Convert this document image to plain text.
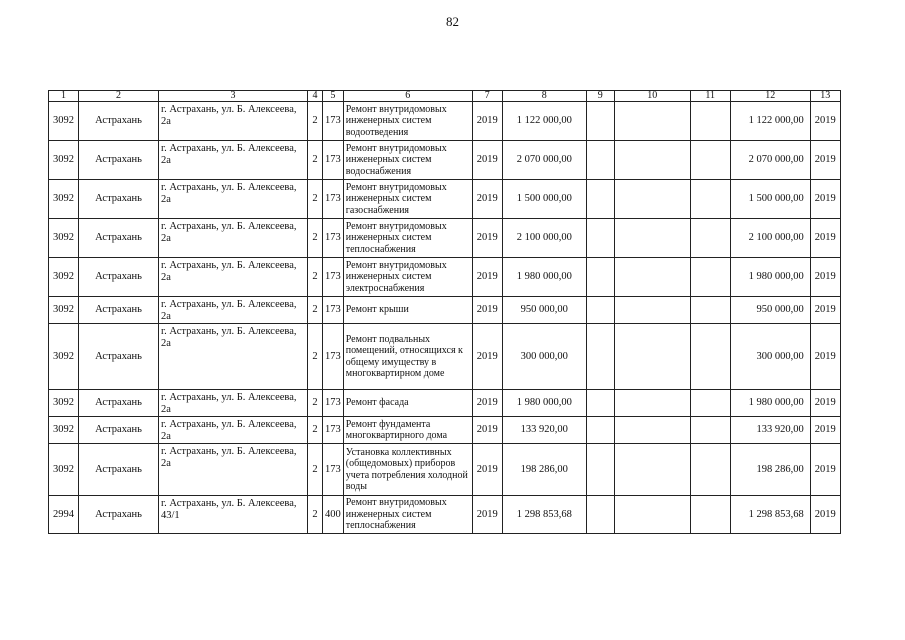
82
1	2	3	4	5	6	7	8	9	10	11	12	13
3092	Астрахань	г. Астрахань, ул. Б. Алексеева, 2а	2	173	Ремонт внутридомовых инженерных систем водоотведения	2019	1 122 000,00				1 122 000,00	2019
3092	Астрахань	г. Астрахань, ул. Б. Алексеева, 2а	2	173	Ремонт внутридомовых инженерных систем водоснабжения	2019	2 070 000,00				2 070 000,00	2019
3092	Астрахань	г. Астрахань, ул. Б. Алексеева, 2а	2	173	Ремонт внутридомовых инженерных систем газоснабжения	2019	1 500 000,00				1 500 000,00	2019
3092	Астрахань	г. Астрахань, ул. Б. Алексеева, 2а	2	173	Ремонт внутридомовых инженерных систем теплоснабжения	2019	2 100 000,00				2 100 000,00	2019
3092	Астрахань	г. Астрахань, ул. Б. Алексеева, 2а	2	173	Ремонт внутридомовых инженерных систем электроснабжения	2019	1 980 000,00				1 980 000,00	2019
3092	Астрахань	г. Астрахань, ул. Б. Алексеева, 2а	2	173	Ремонт крыши	2019	950 000,00				950 000,00	2019
3092	Астрахань	г. Астрахань, ул. Б. Алексеева, 2а	2	173	Ремонт подвальных помещений, относящихся к общему имуществу в многоквартирном доме	2019	300 000,00				300 000,00	2019
3092	Астрахань	г. Астрахань, ул. Б. Алексеева, 2а	2	173	Ремонт фасада	2019	1 980 000,00				1 980 000,00	2019
3092	Астрахань	г. Астрахань, ул. Б. Алексеева, 2а	2	173	Ремонт фундамента многоквартирного дома	2019	133 920,00				133 920,00	2019
3092	Астрахань	г. Астрахань, ул. Б. Алексеева, 2а	2	173	Установка коллективных (общедомовых) приборов учета потребления холодной воды	2019	198 286,00				198 286,00	2019
2994	Астрахань	г. Астрахань, ул. Б. Алексеева, 43/1	2	400	Ремонт внутридомовых инженерных систем теплоснабжения	2019	1 298 853,68				1 298 853,68	2019
